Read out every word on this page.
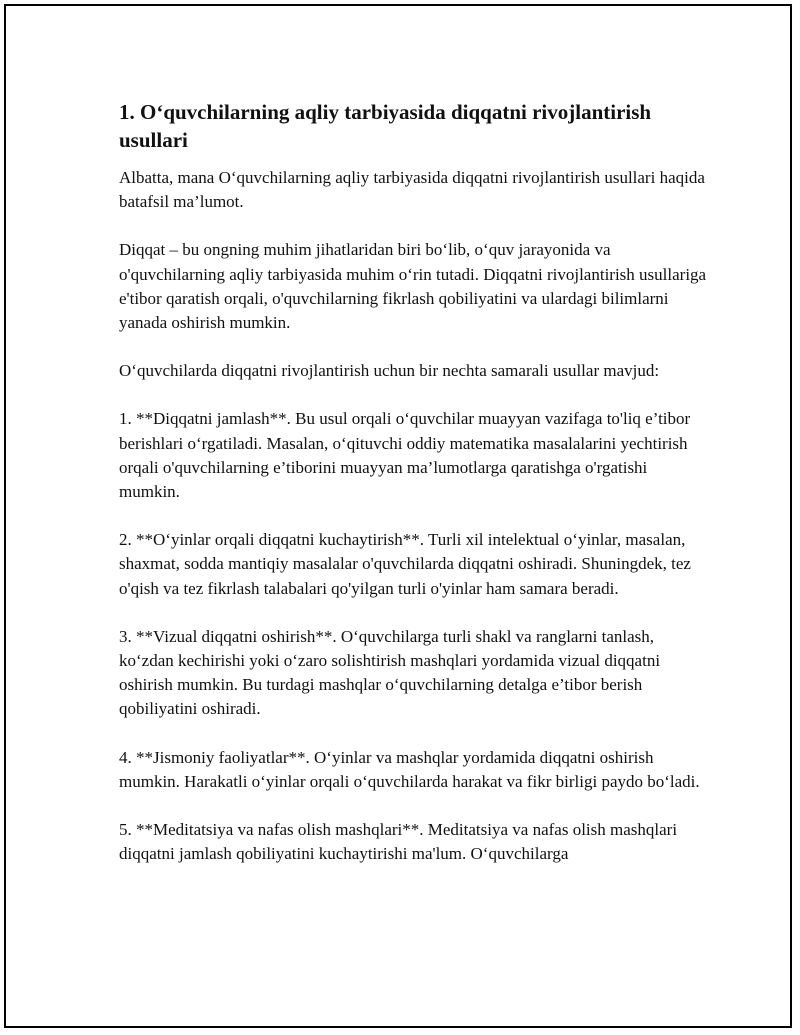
1. O‘quvchilarning aqliy tarbiyasida diqqatni rivojlantirish usullari

Albatta, mana O‘quvchilarning aqliy tarbiyasida diqqatni rivojlantirish usullari haqida batafsil ma’lumot.

Diqqat – bu ongning muhim jihatlaridan biri bo‘lib, o‘quv jarayonida va o'quvchilarning aqliy tarbiyasida muhim o‘rin tutadi. Diqqatni rivojlantirish usullariga e'tibor qaratish orqali, o'quvchilarning fikrlash qobiliyatini va ulardagi bilimlarni yanada oshirish mumkin.

O‘quvchilarda diqqatni rivojlantirish uchun bir nechta samarali usullar mavjud:

1. **Diqqatni jamlash**. Bu usul orqali o‘quvchilar muayyan vazifaga to'liq e’tibor berishlari o‘rgatiladi. Masalan, o‘qituvchi oddiy matematika masalalarini yechtirish orqali o'quvchilarning e’tiborini muayyan ma’lumotlarga qaratishga o'rgatishi mumkin.

2. **O‘yinlar orqali diqqatni kuchaytirish**. Turli xil intelektual o‘yinlar, masalan, shaxmat, sodda mantiqiy masalalar o'quvchilarda diqqatni oshiradi. Shuningdek, tez o'qish va tez fikrlash talabalari qo'yilgan turli o'yinlar ham samara beradi.

3. **Vizual diqqatni oshirish**. O‘quvchilarga turli shakl va ranglarni tanlash, ko‘zdan kechirishi yoki o‘zaro solishtirish mashqlari yordamida vizual diqqatni oshirish mumkin. Bu turdagi mashqlar o‘quvchilarning detalga e’tibor berish qobiliyatini oshiradi.

4. **Jismoniy faoliyatlar**. O‘yinlar va mashqlar yordamida diqqatni oshirish mumkin. Harakatli o‘yinlar orqali o‘quvchilarda harakat va fikr birligi paydo bo‘ladi.

5. **Meditatsiya va nafas olish mashqlari**. Meditatsiya va nafas olish mashqlari diqqatni jamlash qobiliyatini kuchaytirishi ma'lum. O‘quvchilarga
